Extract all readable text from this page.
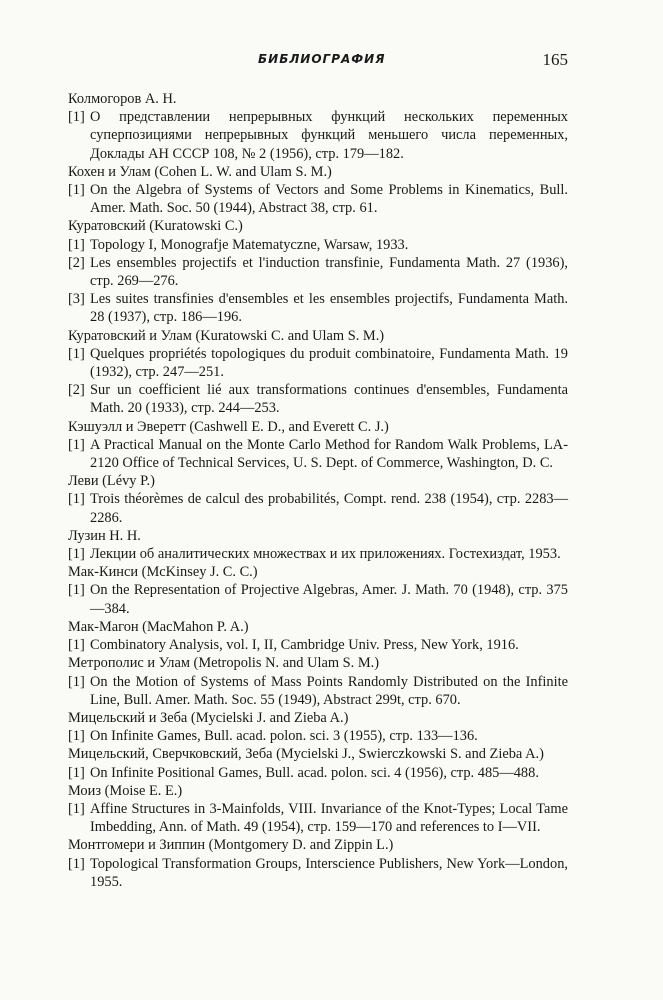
БИБЛИОГРАФИЯ	165
Колмогоров А. Н.
[1] О представлении непрерывных функций нескольких переменных суперпозициями непрерывных функций меньшего числа переменных, Доклады АН СССР 108, № 2 (1956), стр. 179—182.
Кохен и Улам (Cohen L. W. and Ulam S. M.)
[1] On the Algebra of Systems of Vectors and Some Problems in Kinematics, Bull. Amer. Math. Soc. 50 (1944), Abstract 38, стр. 61.
Куратовский (Kuratowski C.)
[1] Topology I, Monografje Matematyczne, Warsaw, 1933.
[2] Les ensembles projectifs et l'induction transfinie, Fundamenta Math. 27 (1936), стр. 269—276.
[3] Les suites transfinies d'ensembles et les ensembles projectifs, Fundamenta Math. 28 (1937), стр. 186—196.
Куратовский и Улам (Kuratowski C. and Ulam S. M.)
[1] Quelques propriétés topologiques du produit combinatoire, Fundamenta Math. 19 (1932), стр. 247—251.
[2] Sur un coefficient lié aux transformations continues d'ensembles, Fundamenta Math. 20 (1933), стр. 244—253.
Кэшуэлл и Эверетт (Cashwell E. D., and Everett C. J.)
[1] A Practical Manual on the Monte Carlo Method for Random Walk Problems, LA-2120 Office of Technical Services, U. S. Dept. of Commerce, Washington, D. C.
Леви (Lévy P.)
[1] Trois théorèmes de calcul des probabilités, Compt. rend. 238 (1954), стр. 2283—2286.
Лузин Н. Н.
[1] Лекции об аналитических множествах и их приложениях. Гостехиздат, 1953.
Мак-Кинси (McKinsey J. C. C.)
[1] On the Representation of Projective Algebras, Amer. J. Math. 70 (1948), стр. 375—384.
Мак-Магон (MacMahon P. A.)
[1] Combinatory Analysis, vol. I, II, Cambridge Univ. Press, New York, 1916.
Метрополис и Улам (Metropolis N. and Ulam S. M.)
[1] On the Motion of Systems of Mass Points Randomly Distributed on the Infinite Line, Bull. Amer. Math. Soc. 55 (1949), Abstract 299t, стр. 670.
Мицельский и Зеба (Mycielski J. and Zieba A.)
[1] On Infinite Games, Bull. acad. polon. sci. 3 (1955), стр. 133—136.
Мицельский, Сверчковский, Зеба (Mycielski J., Swierczkowski S. and Zieba A.)
[1] On Infinite Positional Games, Bull. acad. polon. sci. 4 (1956), стр. 485—488.
Моиз (Moise E. E.)
[1] Affine Structures in 3-Mainfolds, VIII. Invariance of the Knot-Types; Local Tame Imbedding, Ann. of Math. 49 (1954), стр. 159—170 and references to I—VII.
Монтгомери и Зиппин (Montgomery D. and Zippin L.)
[1] Topological Transformation Groups, Interscience Publishers, New York—London, 1955.
